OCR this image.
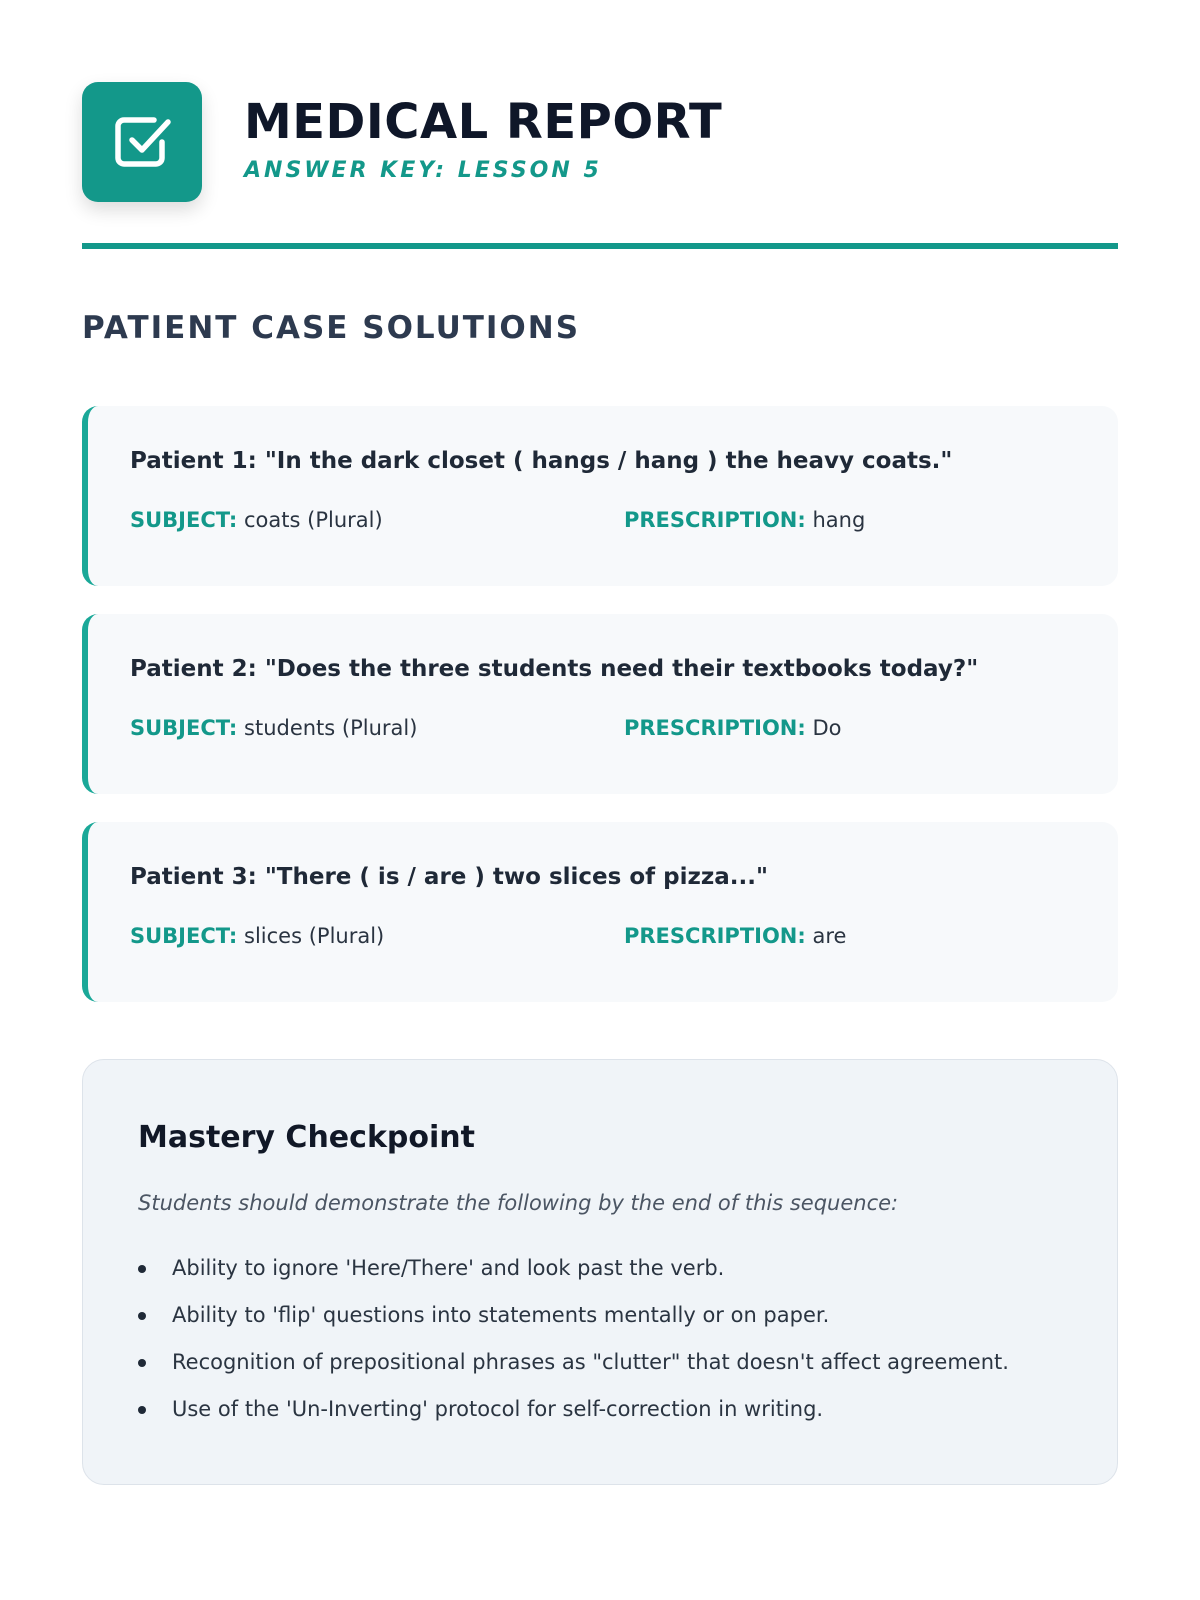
MEDICAL REPORT
ANSWER KEY: LESSON 5
PATIENT CASE SOLUTIONS
Patient 1: "In the dark closet ( hangs / hang ) the heavy coats."
SUBJECT: coats (Plural)	PRESCRIPTION: hang
Patient 2: "Does the three students need their textbooks today?"
SUBJECT: students (Plural)	PRESCRIPTION: Do
Patient 3: "There ( is / are ) two slices of pizza..."
SUBJECT: slices (Plural)	PRESCRIPTION: are
Mastery Checkpoint
Students should demonstrate the following by the end of this sequence:
Ability to ignore 'Here/There' and look past the verb.
Ability to 'flip' questions into statements mentally or on paper.
Recognition of prepositional phrases as "clutter" that doesn't affect agreement.
Use of the 'Un-Inverting' protocol for self-correction in writing.
